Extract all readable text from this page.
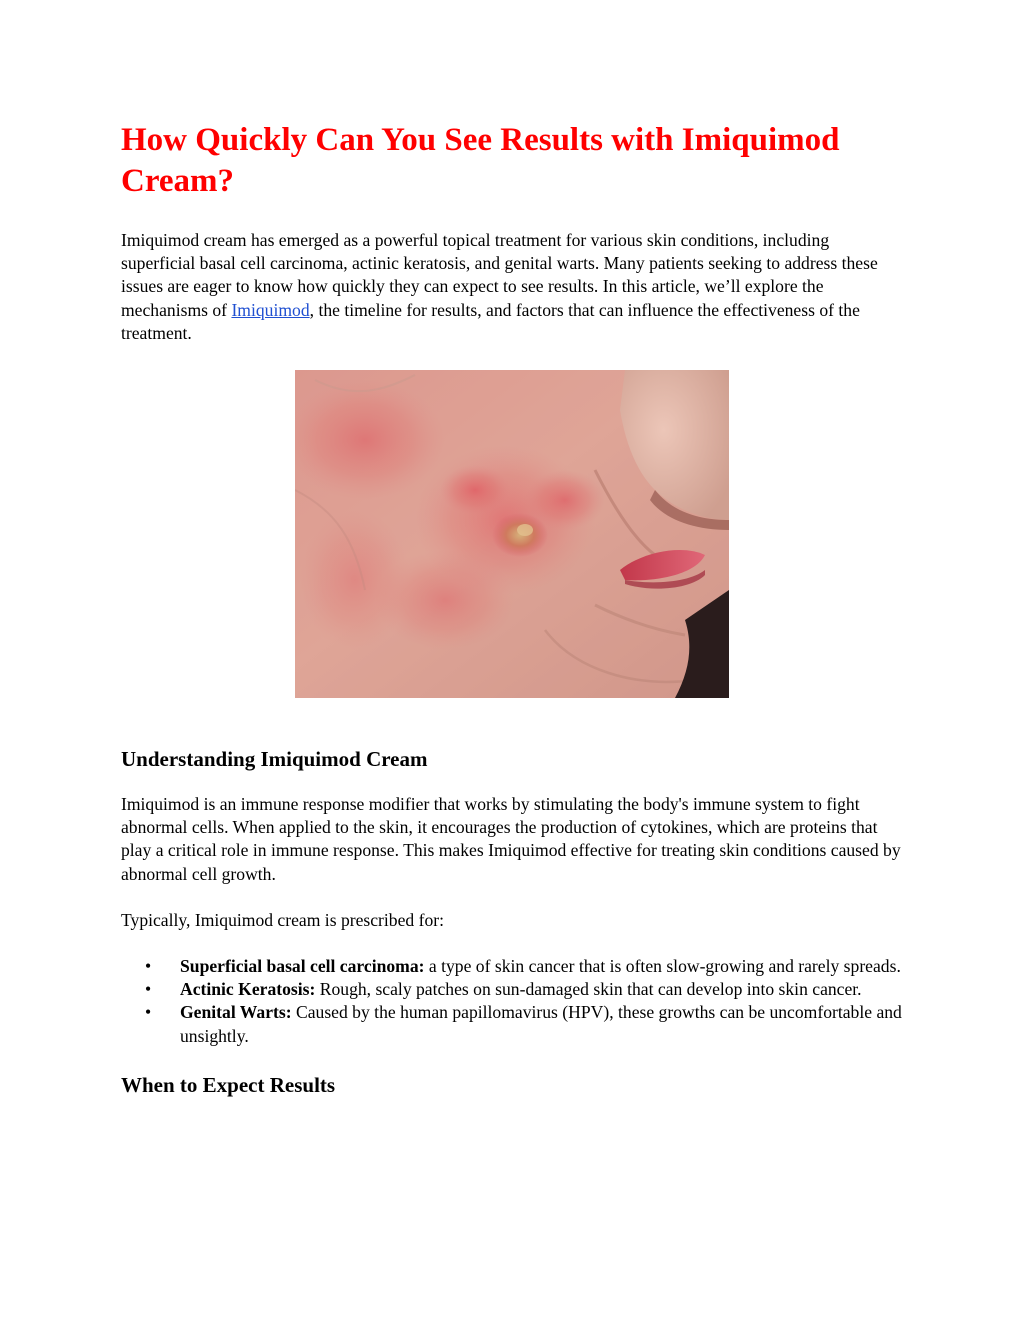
How Quickly Can You See Results with Imiquimod Cream?

Imiquimod cream has emerged as a powerful topical treatment for various skin conditions, including superficial basal cell carcinoma, actinic keratosis, and genital warts. Many patients seeking to address these issues are eager to know how quickly they can expect to see results. In this article, we’ll explore the mechanisms of Imiquimod, the timeline for results, and factors that can influence the effectiveness of the treatment.

Understanding Imiquimod Cream

Imiquimod is an immune response modifier that works by stimulating the body's immune system to fight abnormal cells. When applied to the skin, it encourages the production of cytokines, which are proteins that play a critical role in immune response. This makes Imiquimod effective for treating skin conditions caused by abnormal cell growth.

Typically, Imiquimod cream is prescribed for:

• Superficial basal cell carcinoma: a type of skin cancer that is often slow-growing and rarely spreads.
• Actinic Keratosis: Rough, scaly patches on sun-damaged skin that can develop into skin cancer.
• Genital Warts: Caused by the human papillomavirus (HPV), these growths can be uncomfortable and unsightly.
When to Expect Results
